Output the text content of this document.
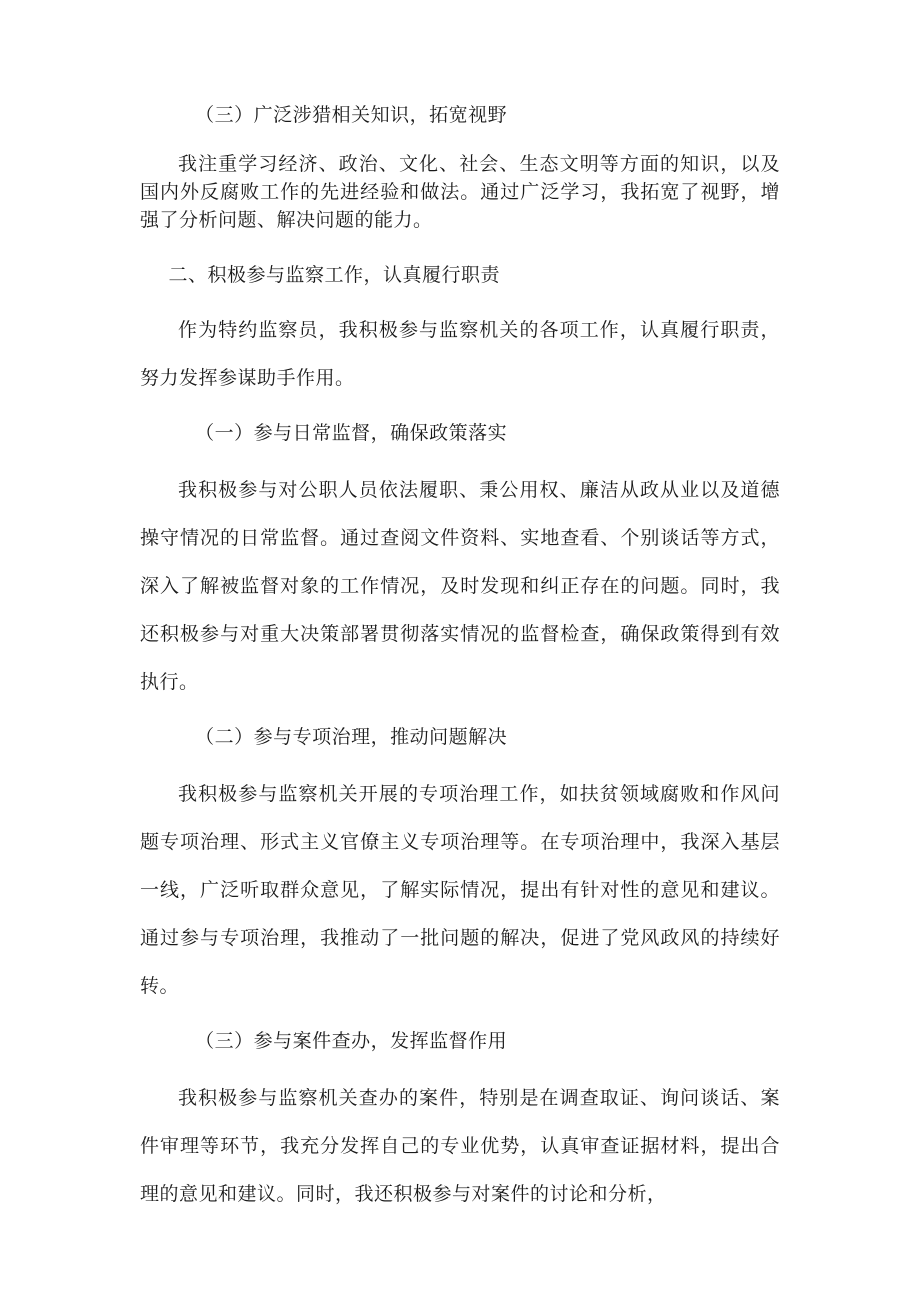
（三）广泛涉猎相关知识，拓宽视野

我注重学习经济、政治、文化、社会、生态文明等方面的知识，以及国内外反腐败工作的先进经验和做法。通过广泛学习，我拓宽了视野，增强了分析问题、解决问题的能力。

二、积极参与监察工作，认真履行职责

作为特约监察员，我积极参与监察机关的各项工作，认真履行职责，努力发挥参谋助手作用。

（一）参与日常监督，确保政策落实

我积极参与对公职人员依法履职、秉公用权、廉洁从政从业以及道德操守情况的日常监督。通过查阅文件资料、实地查看、个别谈话等方式，深入了解被监督对象的工作情况，及时发现和纠正存在的问题。同时，我还积极参与对重大决策部署贯彻落实情况的监督检查，确保政策得到有效执行。

（二）参与专项治理，推动问题解决

我积极参与监察机关开展的专项治理工作，如扶贫领域腐败和作风问题专项治理、形式主义官僚主义专项治理等。在专项治理中，我深入基层一线，广泛听取群众意见，了解实际情况，提出有针对性的意见和建议。通过参与专项治理，我推动了一批问题的解决，促进了党风政风的持续好转。

（三）参与案件查办，发挥监督作用

我积极参与监察机关查办的案件，特别是在调查取证、询问谈话、案件审理等环节，我充分发挥自己的专业优势，认真审查证据材料，提出合理的意见和建议。同时，我还积极参与对案件的讨论和分析，
